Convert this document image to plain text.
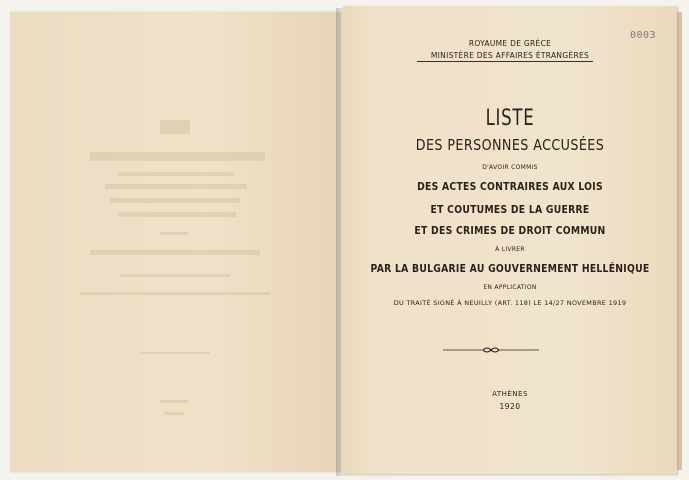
ROYAUME DE GRÈCE
MINISTÈRE DES AFFAIRES ÉTRANGÈRES
LISTE
DES PERSONNES ACCUSÉES
D'AVOIR COMMIS
DES ACTES CONTRAIRES AUX LOIS
ET COUTUMES DE LA GUERRE
ET DES CRIMES DE DROIT COMMUN
À LIVRER
PAR LA BULGARIE AU GOUVERNEMENT HELLÉNIQUE
EN APPLICATION
DU TRAITÉ SIGNÉ À NEUILLY (ART. 118) LE 14/27 NOVEMBRE 1919
ATHÈNES
1920
0003
